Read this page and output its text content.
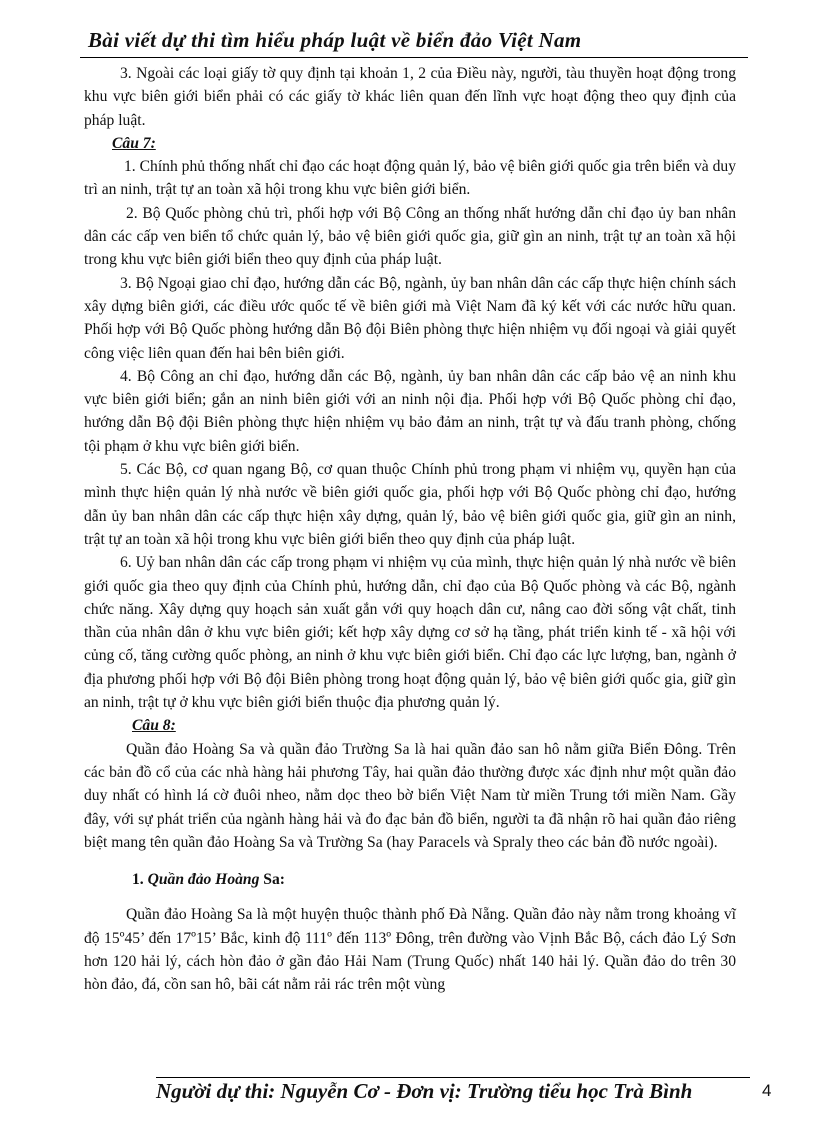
Bài viết dự thi tìm hiểu pháp luật về biển đảo Việt Nam

3. Ngoài các loại giấy tờ quy định tại khoản 1, 2 của Điều này, người, tàu thuyền hoạt động trong khu vực biên giới biển phải có các giấy tờ khác liên quan đến lĩnh vực hoạt động theo quy định của pháp luật.

Câu 7:

1. Chính phủ thống nhất chỉ đạo các hoạt động quản lý, bảo vệ biên giới quốc gia trên biển và duy trì an ninh, trật tự an toàn xã hội trong khu vực biên giới biển.

2. Bộ Quốc phòng chủ trì, phối hợp với Bộ Công an thống nhất hướng dẫn chỉ đạo ủy ban nhân dân các cấp ven biển tổ chức quản lý, bảo vệ biên giới quốc gia, giữ gìn an ninh, trật tự an toàn xã hội trong khu vực biên giới biển theo quy định của pháp luật.

3. Bộ Ngoại giao chỉ đạo, hướng dẫn các Bộ, ngành, ủy ban nhân dân các cấp thực hiện chính sách xây dựng biên giới, các điều ước quốc tế về biên giới mà Việt Nam đã ký kết với các nước hữu quan. Phối hợp với Bộ Quốc phòng hướng dẫn Bộ đội Biên phòng thực hiện nhiệm vụ đối ngoại và giải quyết công việc liên quan đến hai bên biên giới.

4. Bộ Công an chỉ đạo, hướng dẫn các Bộ, ngành, ủy ban nhân dân các cấp bảo vệ an ninh khu vực biên giới biển; gắn an ninh biên giới với an ninh nội địa. Phối hợp với Bộ Quốc phòng chỉ đạo, hướng dẫn Bộ đội Biên phòng thực hiện nhiệm vụ bảo đảm an ninh, trật tự và đấu tranh phòng, chống tội phạm ở khu vực biên giới biển.

5. Các Bộ, cơ quan ngang Bộ, cơ quan thuộc Chính phủ trong phạm vi nhiệm vụ, quyền hạn của mình thực hiện quản lý nhà nước về biên giới quốc gia, phối hợp với Bộ Quốc phòng chỉ đạo, hướng dẫn ủy ban nhân dân các cấp thực hiện xây dựng, quản lý, bảo vệ biên giới quốc gia, giữ gìn an ninh, trật tự an toàn xã hội trong khu vực biên giới biển theo quy định của pháp luật.

6. Uỷ ban nhân dân các cấp trong phạm vi nhiệm vụ của mình, thực hiện quản lý nhà nước về biên giới quốc gia theo quy định của Chính phủ, hướng dẫn, chỉ đạo của Bộ Quốc phòng và các Bộ, ngành chức năng. Xây dựng quy hoạch sản xuất gắn với quy hoạch dân cư, nâng cao đời sống vật chất, tinh thần của nhân dân ở khu vực biên giới; kết hợp xây dựng cơ sở hạ tầng, phát triển kinh tế - xã hội với củng cố, tăng cường quốc phòng, an ninh ở khu vực biên giới biển. Chỉ đạo các lực lượng, ban, ngành ở địa phương phối hợp với Bộ đội Biên phòng trong hoạt động quản lý, bảo vệ biên giới quốc gia, giữ gìn an ninh, trật tự ở khu vực biên giới biển thuộc địa phương quản lý.

Câu 8:

Quần đảo Hoàng Sa và quần đảo Trường Sa là hai quần đảo san hô nằm giữa Biển Đông. Trên các bản đồ cổ của các nhà hàng hải phương Tây, hai quần đảo thường được xác định như một quần đảo duy nhất có hình lá cờ đuôi nheo, nằm dọc theo bờ biển Việt Nam từ miền Trung tới miền Nam. Gầy đây, với sự phát triển của ngành hàng hải và đo đạc bản đồ biển, người ta đã nhận rõ hai quần đảo riêng biệt mang tên quần đảo Hoàng Sa và Trường Sa (hay Paracels và Spraly theo các bản đồ nước ngoài).

1. Quần đảo Hoàng Sa:

Quần đảo Hoàng Sa là một huyện thuộc thành phố Đà Nẵng. Quần đảo này nằm trong khoảng vĩ độ 15º45’ đến 17º15’ Bắc, kinh độ 111º đến 113º Đông, trên đường vào Vịnh Bắc Bộ, cách đảo Lý Sơn hơn 120 hải lý, cách hòn đảo ở gần đảo Hải Nam (Trung Quốc) nhất 140 hải lý. Quần đảo do trên 30 hòn đảo, đá, cồn san hô, bãi cát nằm rải rác trên một vùng

Người dự thi: Nguyễn Cơ - Đơn vị: Trường tiểu học Trà Bình	4
